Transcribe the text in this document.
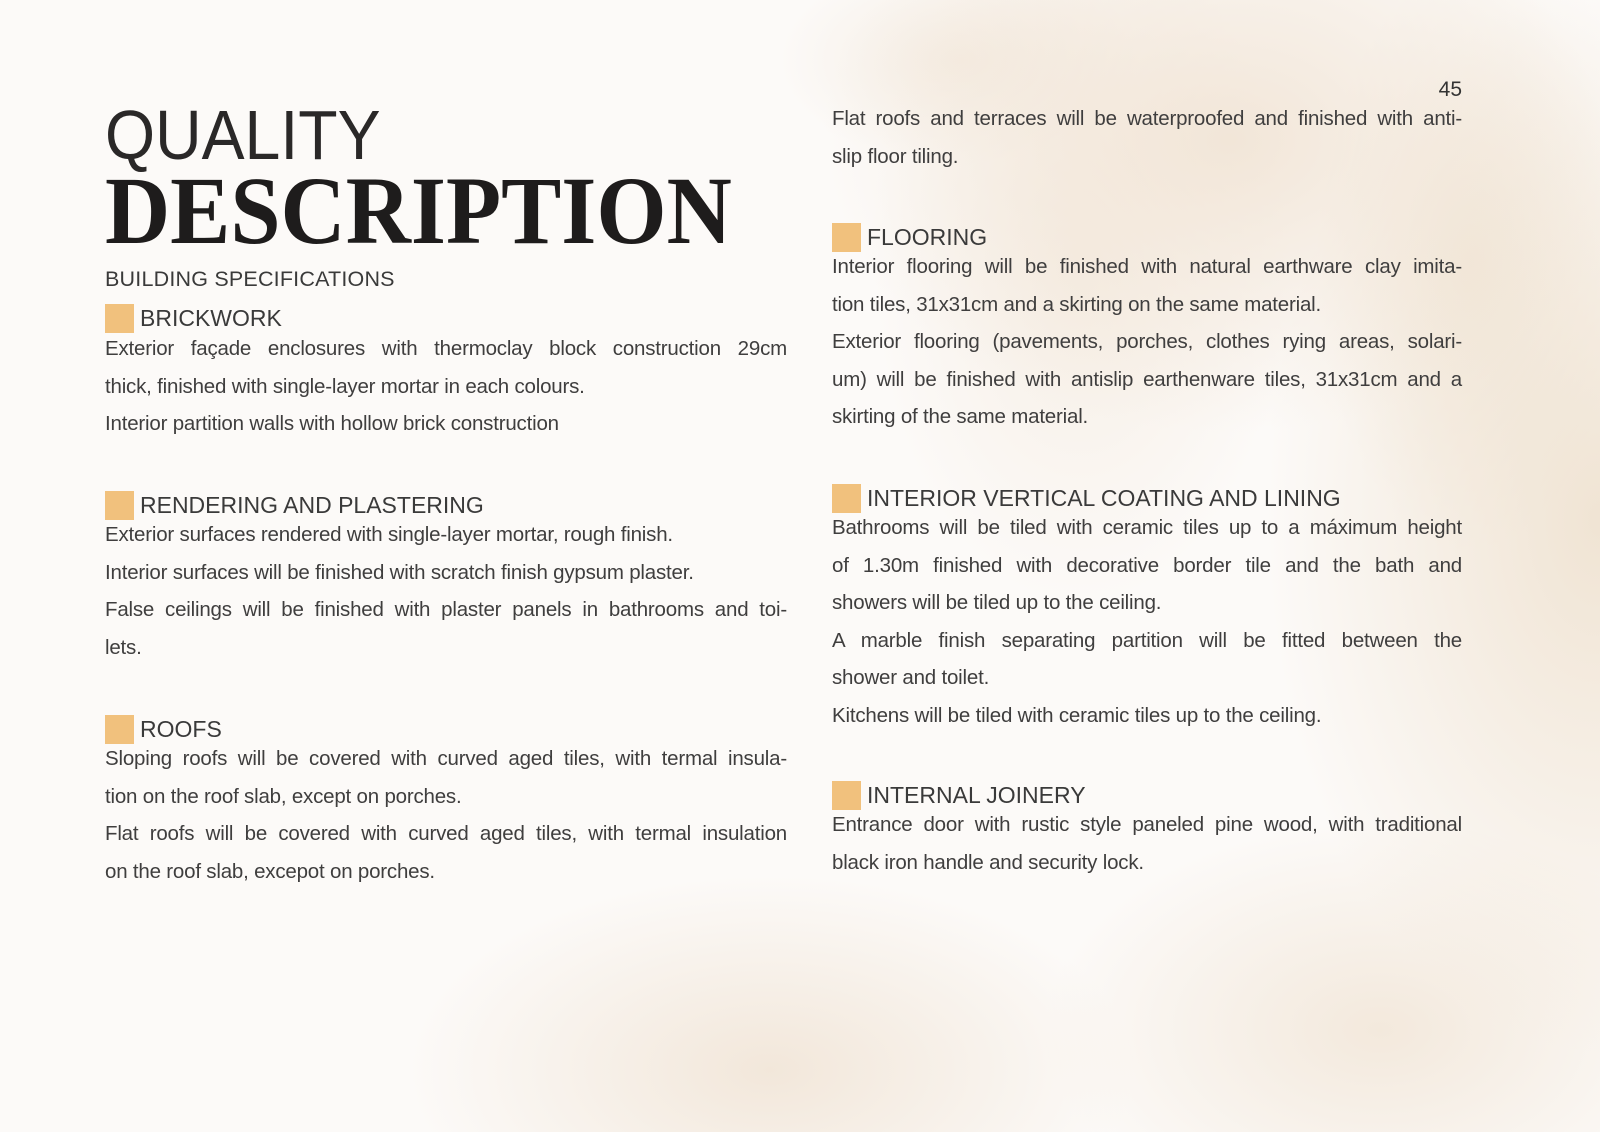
45
QUALITY
DESCRIPTION
BUILDING SPECIFICATIONS
BRICKWORK
Exterior façade enclosures with thermoclay block construction 29cm
thick, finished with single-layer mortar in each colours.
Interior partition walls with hollow brick construction
RENDERING AND PLASTERING
Exterior surfaces rendered with single-layer mortar, rough finish.
Interior surfaces will be finished with scratch finish gypsum plaster.
False ceilings will be finished with plaster panels in bathrooms and toi-
lets.
ROOFS
Sloping roofs will be covered with curved aged tiles, with termal insula-
tion on the roof slab, except on porches.
Flat roofs will be covered with curved aged tiles, with termal insulation
on the roof slab, excepot on porches.
Flat roofs and terraces will be waterproofed and finished with anti-
slip floor tiling.
FLOORING
Interior flooring will be finished with natural earthware clay imita-
tion tiles, 31x31cm and a skirting on the same material.
Exterior flooring (pavements, porches, clothes rying areas, solari-
um) will be finished with antislip earthenware tiles, 31x31cm and a
skirting of the same material.
INTERIOR VERTICAL COATING AND LINING
Bathrooms will be tiled with ceramic tiles up to a máximum height
of 1.30m finished with decorative border tile and the bath and
showers will be tiled up to the ceiling.
A marble finish separating partition will be fitted between the
shower and toilet.
Kitchens will be tiled with ceramic tiles up to the ceiling.
INTERNAL JOINERY
Entrance door with rustic style paneled pine wood, with traditional
black iron handle and security lock.
